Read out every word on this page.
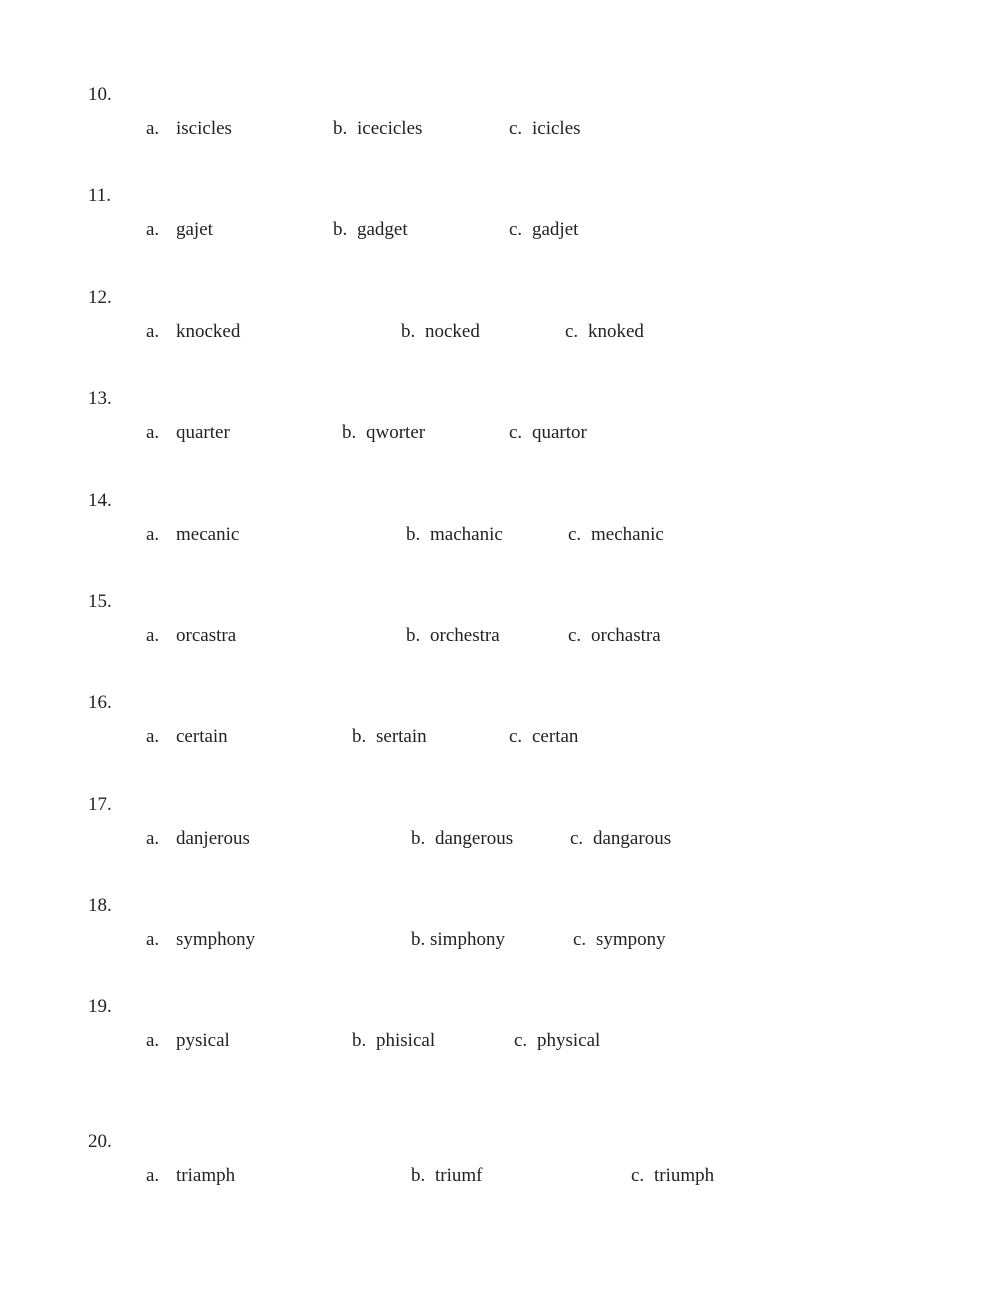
10.
a. iscicles	b. icecicles	c. icicles
11.
a. gajet	b. gadget	c. gadjet
12.
a. knocked	b. nocked	c. knoked
13.
a. quarter	b. qworter	c. quartor
14.
a. mecanic	b. machanic	c. mechanic
15.
a. orcastra	b. orchestra	c. orchastra
16.
a. certain	b. sertain	c. certan
17.
a. danjerous	b. dangerous	c. dangarous
18.
a. symphony	b. simphony	c. sympony
19.
a. pysical	b. phisical	c. physical
20.
a. triamph	b. triumf	c. triumph
